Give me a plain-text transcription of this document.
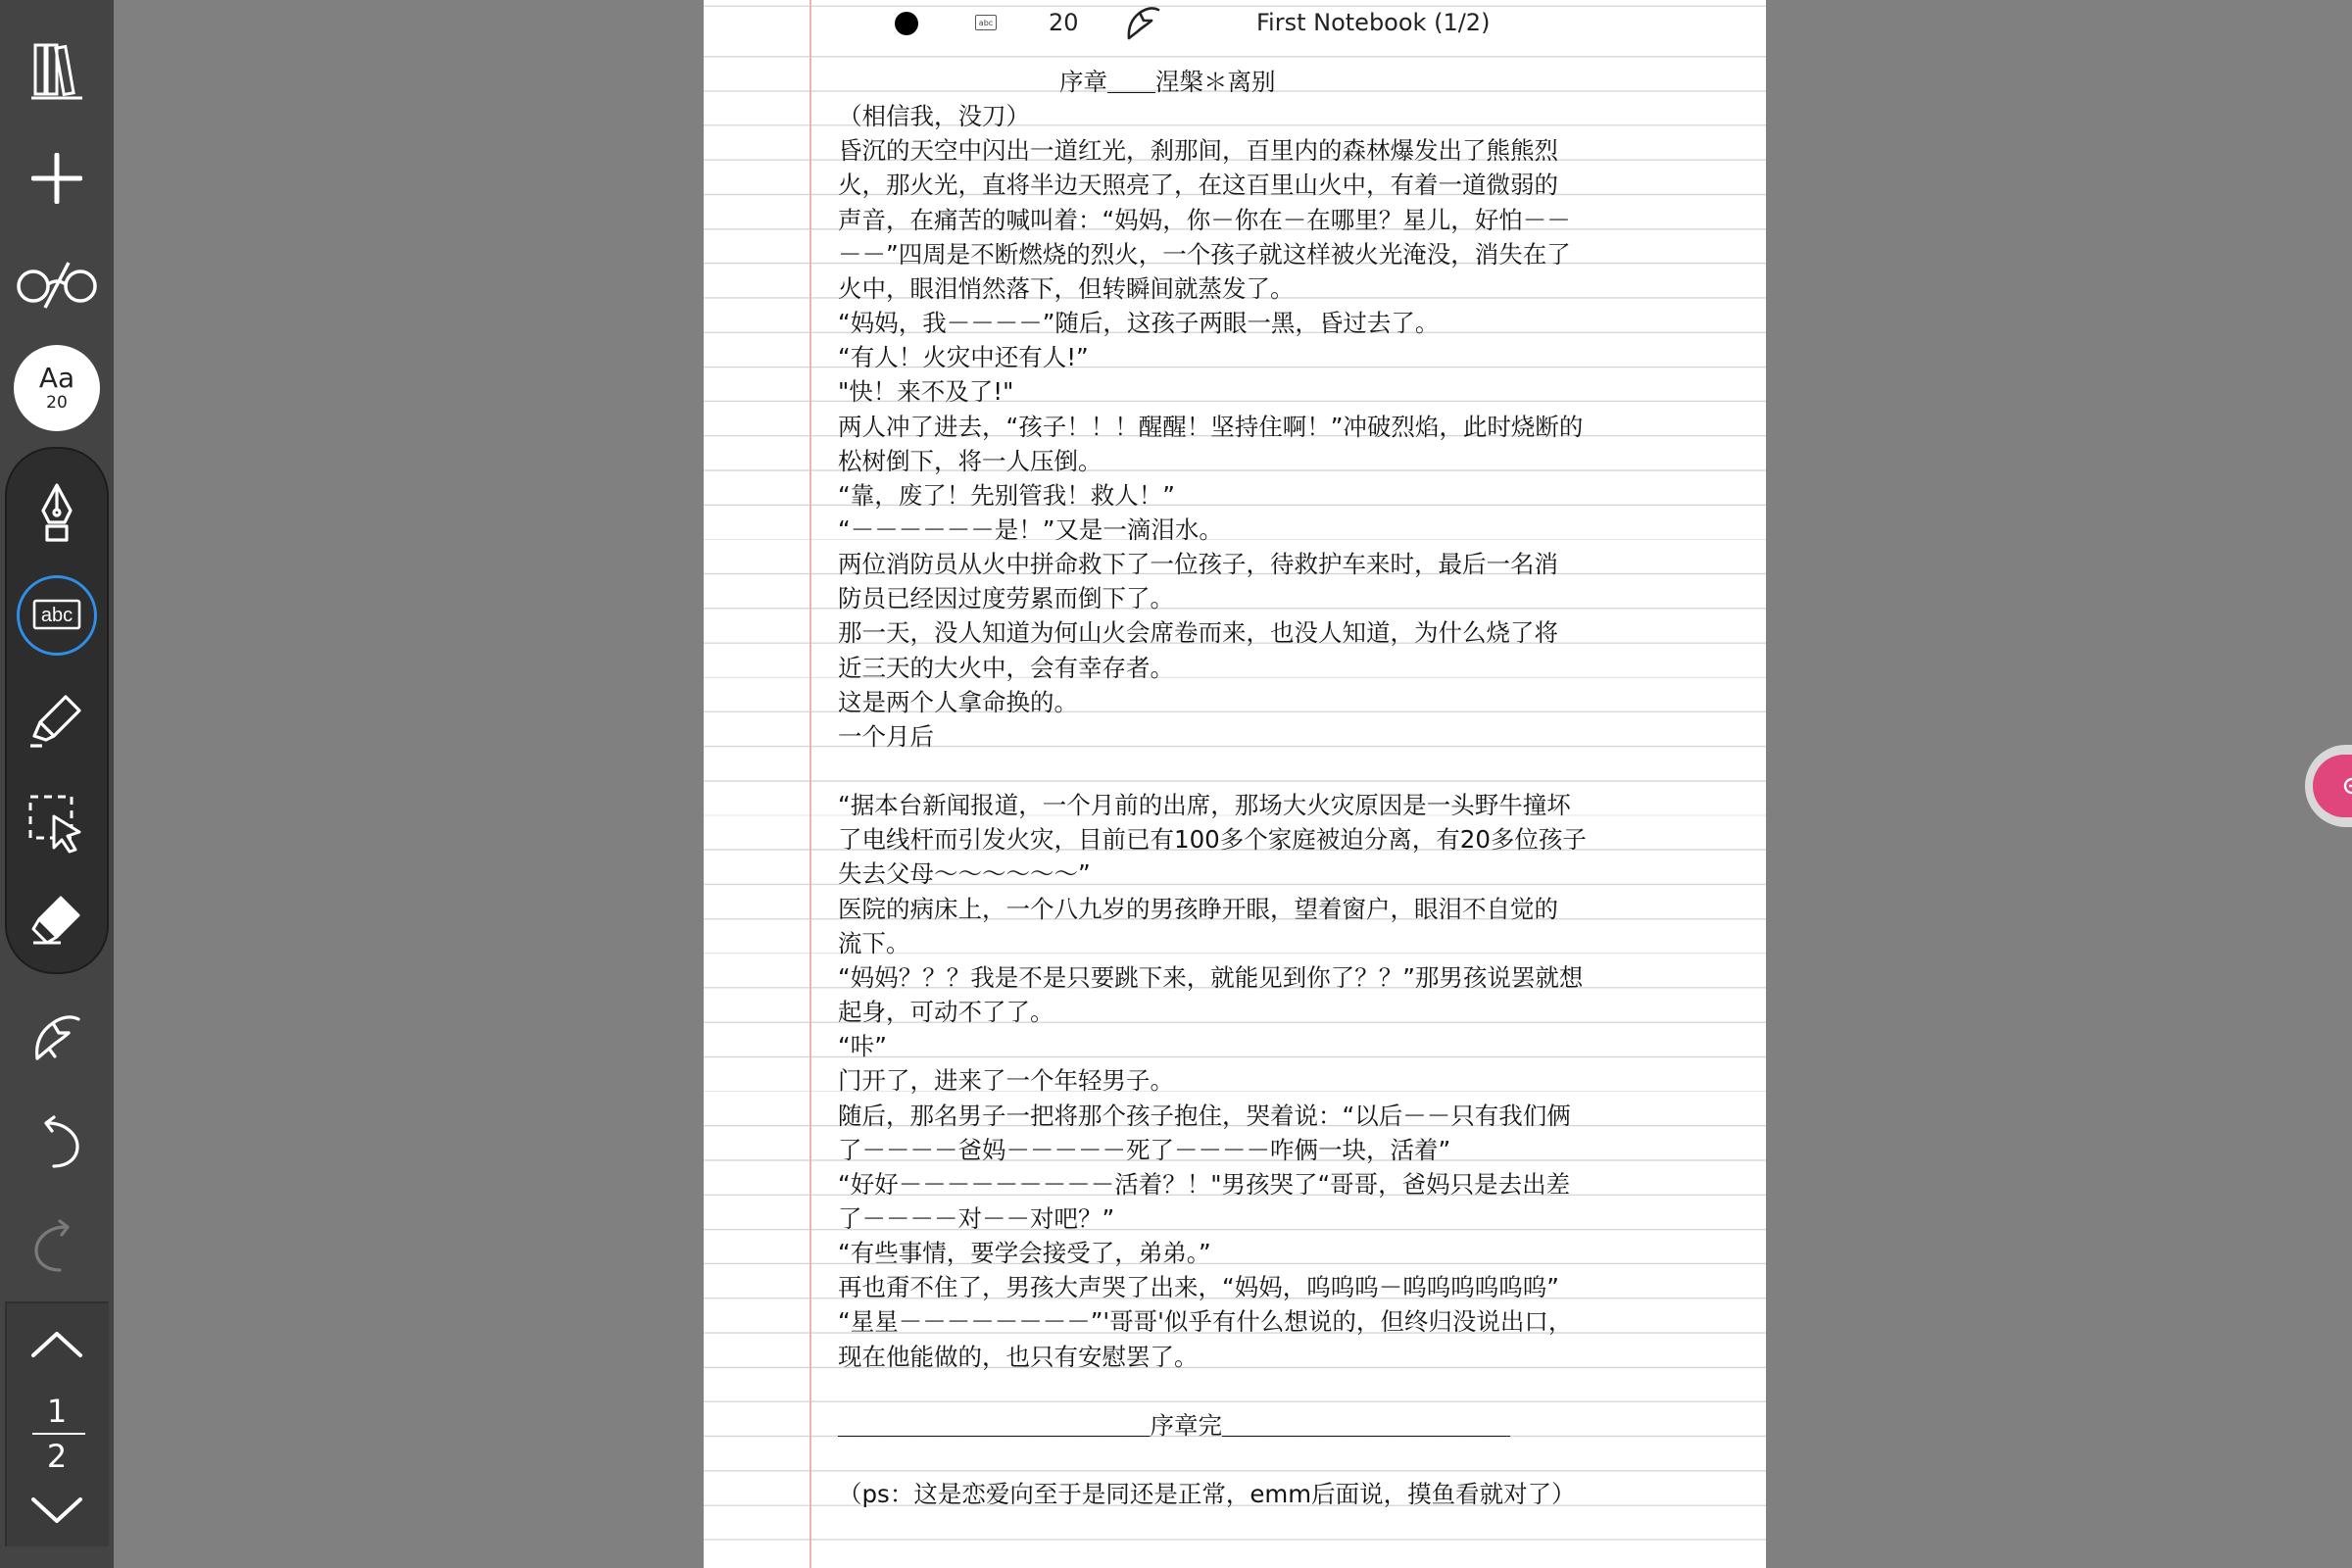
Aa
20
abc
1
2
abc 20	First Notebook (1/2)
序章＿＿涅槃＊离别
（相信我，没刀）
昏沉的天空中闪出一道红光，刹那间，百里内的森林爆发出了熊熊烈
火，那火光，直将半边天照亮了，在这百里山火中，有着一道微弱的
声音，在痛苦的喊叫着：“妈妈，你－你在－在哪里？星儿，好怕－－
－－”四周是不断燃烧的烈火，一个孩子就这样被火光淹没，消失在了
火中，眼泪悄然落下，但转瞬间就蒸发了。
“妈妈，我－－－－”随后，这孩子两眼一黑，昏过去了。
“有人！火灾中还有人!”
"快！来不及了!"
两人冲了进去，“孩子！！！醒醒！坚持住啊！”冲破烈焰，此时烧断的
松树倒下，将一人压倒。
“靠，废了！先别管我！救人！”
“－－－－－－是！”又是一滴泪水。
两位消防员从火中拼命救下了一位孩子，待救护车来时，最后一名消
防员已经因过度劳累而倒下了。
那一天，没人知道为何山火会席卷而来，也没人知道，为什么烧了将
近三天的大火中，会有幸存者。
这是两个人拿命换的。
一个月后
“据本台新闻报道，一个月前的出席，那场大火灾原因是一头野牛撞坏
了电线杆而引发火灾，目前已有100多个家庭被迫分离，有20多位孩子
失去父母～～～～～～”
医院的病床上，一个八九岁的男孩睁开眼，望着窗户，眼泪不自觉的
流下。
“妈妈？？？我是不是只要跳下来，就能见到你了？？”那男孩说罢就想
起身，可动不了了。
“咔”
门开了，进来了一个年轻男子。
随后，那名男子一把将那个孩子抱住，哭着说：“以后－－只有我们俩
了－－－－爸妈－－－－－死了－－－－咋俩一块，活着”
“好好－－－－－－－－－活着？！"男孩哭了“哥哥，爸妈只是去出差
了－－－－对－－对吧？”
“有些事情，要学会接受了，弟弟。”
再也甭不住了，男孩大声哭了出来，“妈妈，呜呜呜－呜呜呜呜呜呜”
“星星－－－－－－－－”'哥哥'似乎有什么想说的，但终归没说出口，
现在他能做的，也只有安慰罢了。
＿＿＿＿＿＿＿＿＿＿＿＿＿序章完＿＿＿＿＿＿＿＿＿＿＿＿
（ps：这是恋爱向至于是同还是正常，emm后面说，摸鱼看就对了）
